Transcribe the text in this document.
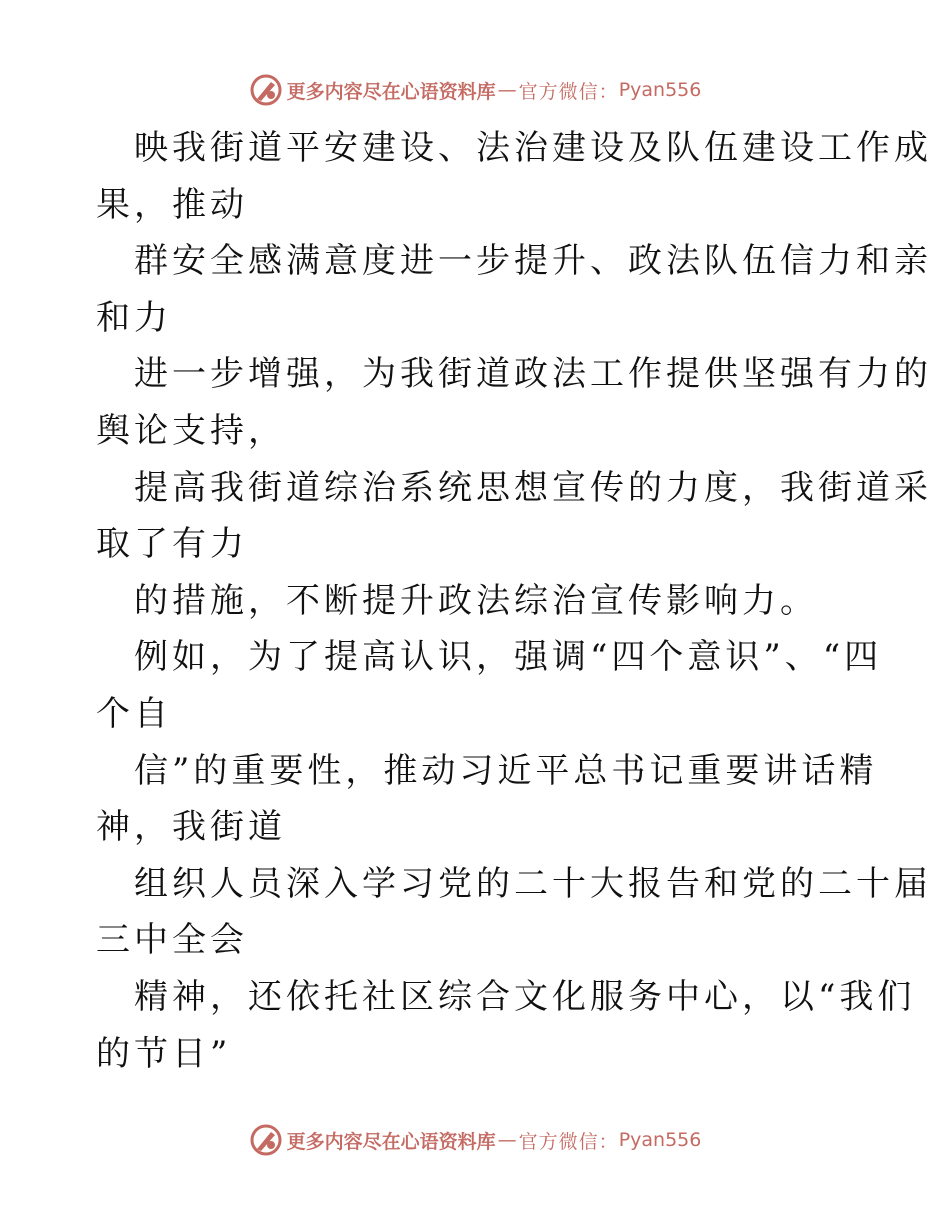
更多内容尽在心语资料库 — 官方微信： Pyan556
映我街道平安建设、法治建设及队伍建设工作成
果，推动
群安全感满意度进一步提升、政法队伍信力和亲
和力
进一步增强，为我街道政法工作提供坚强有力的
舆论支持，
提高我街道综治系统思想宣传的力度，我街道采
取了有力
的措施，不断提升政法综治宣传影响力。
例如，为了提高认识，强调“四个意识”、“四
个自
信”的重要性，推动习近平总书记重要讲话精
神，我街道
组织人员深入学习党的二十大报告和党的二十届
三中全会
精神，还依托社区综合文化服务中心，以“我们
的节日”
更多内容尽在心语资料库 — 官方微信： Pyan556
